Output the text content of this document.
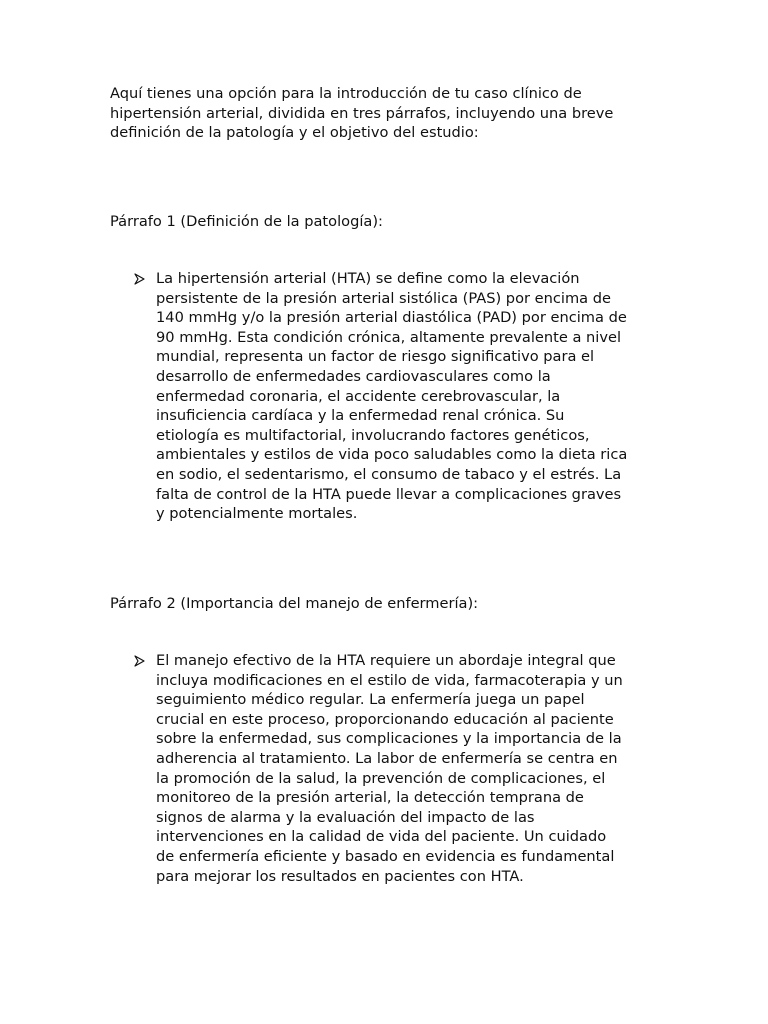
Aquí tienes una opción para la introducción de tu caso clínico de
hipertensión arterial, dividida en tres párrafos, incluyendo una breve
definición de la patología y el objetivo del estudio:

Párrafo 1 (Definición de la patología):

La hipertensión arterial (HTA) se define como la elevación
persistente de la presión arterial sistólica (PAS) por encima de
140 mmHg y/o la presión arterial diastólica (PAD) por encima de
90 mmHg. Esta condición crónica, altamente prevalente a nivel
mundial, representa un factor de riesgo significativo para el
desarrollo de enfermedades cardiovasculares como la
enfermedad coronaria, el accidente cerebrovascular, la
insuficiencia cardíaca y la enfermedad renal crónica. Su
etiología es multifactorial, involucrando factores genéticos,
ambientales y estilos de vida poco saludables como la dieta rica
en sodio, el sedentarismo, el consumo de tabaco y el estrés. La
falta de control de la HTA puede llevar a complicaciones graves
y potencialmente mortales.

Párrafo 2 (Importancia del manejo de enfermería):

El manejo efectivo de la HTA requiere un abordaje integral que
incluya modificaciones en el estilo de vida, farmacoterapia y un
seguimiento médico regular. La enfermería juega un papel
crucial en este proceso, proporcionando educación al paciente
sobre la enfermedad, sus complicaciones y la importancia de la
adherencia al tratamiento. La labor de enfermería se centra en
la promoción de la salud, la prevención de complicaciones, el
monitoreo de la presión arterial, la detección temprana de
signos de alarma y la evaluación del impacto de las
intervenciones en la calidad de vida del paciente. Un cuidado
de enfermería eficiente y basado en evidencia es fundamental
para mejorar los resultados en pacientes con HTA.
